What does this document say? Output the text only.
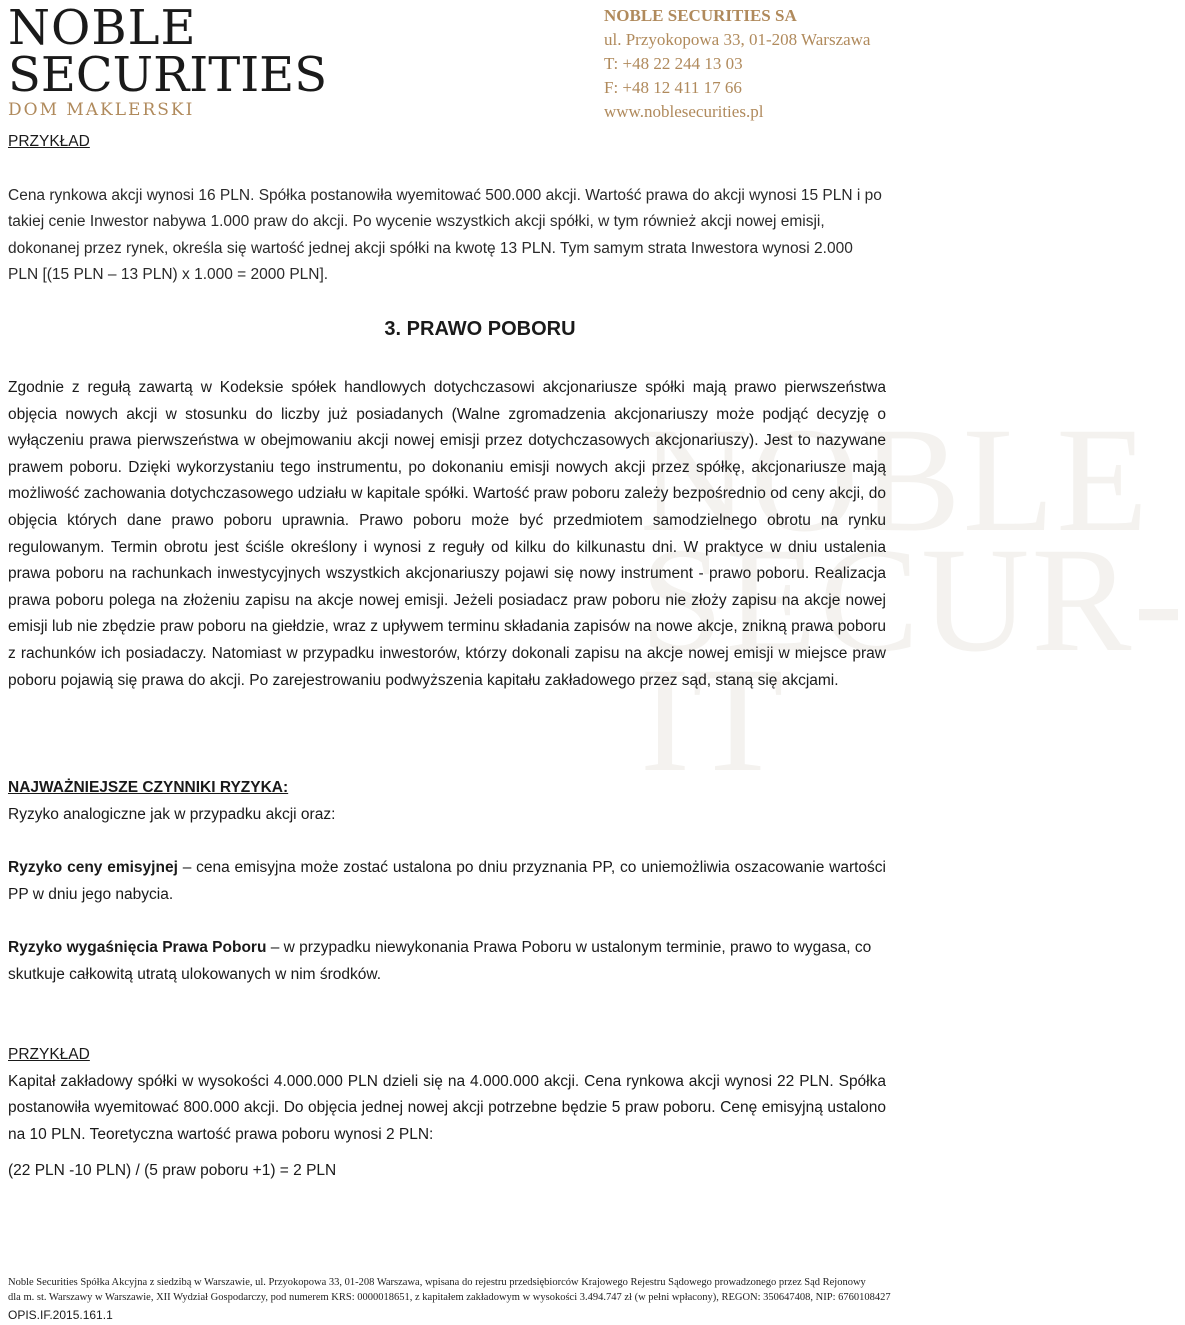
NOBLE
SECUR-
IT
NOBLE
SECURITIES
DOM MAKLERSKI
NOBLE SECURITIES SA
ul. Przyokopowa 33, 01-208 Warszawa
T: +48 22 244 13 03
F: +48 12 411 17 66
www.noblesecurities.pl

PRZYKŁAD

Cena rynkowa akcji wynosi 16 PLN. Spółka postanowiła wyemitować 500.000 akcji. Wartość prawa do akcji wynosi 15 PLN i po takiej cenie Inwestor nabywa 1.000 praw do akcji. Po wycenie wszystkich akcji spółki, w tym również akcji nowej emisji, dokonanej przez rynek, określa się wartość jednej akcji spółki na kwotę 13 PLN. Tym samym strata Inwestora wynosi 2.000 PLN [(15 PLN – 13 PLN) x 1.000 = 2000 PLN].

3. PRAWO POBORU

Zgodnie z regułą zawartą w Kodeksie spółek handlowych dotychczasowi akcjonariusze spółki mają prawo pierwszeństwa objęcia nowych akcji w stosunku do liczby już posiadanych (Walne zgromadzenia akcjonariuszy może podjąć decyzję o wyłączeniu prawa pierwszeństwa w obejmowaniu akcji nowej emisji przez dotychczasowych akcjonariuszy). Jest to nazywane prawem poboru. Dzięki wykorzystaniu tego instrumentu, po dokonaniu emisji nowych akcji przez spółkę, akcjonariusze mają możliwość zachowania dotychczasowego udziału w kapitale spółki. Wartość praw poboru zależy bezpośrednio od ceny akcji, do objęcia których dane prawo poboru uprawnia. Prawo poboru może być przedmiotem samodzielnego obrotu na rynku regulowanym. Termin obrotu jest ściśle określony i wynosi z reguły od kilku do kilkunastu dni. W praktyce w dniu ustalenia prawa poboru na rachunkach inwestycyjnych wszystkich akcjonariuszy pojawi się nowy instrument - prawo poboru. Realizacja prawa poboru polega na złożeniu zapisu na akcje nowej emisji. Jeżeli posiadacz praw poboru nie złoży zapisu na akcje nowej emisji lub nie zbędzie praw poboru na giełdzie, wraz z upływem terminu składania zapisów na nowe akcje, znikną prawa poboru z rachunków ich posiadaczy. Natomiast w przypadku inwestorów, którzy dokonali zapisu na akcje nowej emisji w miejsce praw poboru pojawią się prawa do akcji. Po zarejestrowaniu podwyższenia kapitału zakładowego przez sąd, staną się akcjami.

NAJWAŻNIEJSZE CZYNNIKI RYZYKA:

Ryzyko analogiczne jak w przypadku akcji oraz:

Ryzyko ceny emisyjnej – cena emisyjna może zostać ustalona po dniu przyznania PP, co uniemożliwia oszacowanie wartości PP w dniu jego nabycia.

Ryzyko wygaśnięcia Prawa Poboru – w przypadku niewykonania Prawa Poboru w ustalonym terminie, prawo to wygasa, co skutkuje całkowitą utratą ulokowanych w nim środków.

PRZYKŁAD

Kapitał zakładowy spółki w wysokości 4.000.000 PLN dzieli się na 4.000.000 akcji. Cena rynkowa akcji wynosi 22 PLN. Spółka postanowiła wyemitować 800.000 akcji. Do objęcia jednej nowej akcji potrzebne będzie 5 praw poboru. Cenę emisyjną ustalono na 10 PLN. Teoretyczna wartość prawa poboru wynosi 2 PLN:

(22 PLN -10 PLN) / (5 praw poboru +1) = 2 PLN

Noble Securities Spółka Akcyjna z siedzibą w Warszawie, ul. Przyokopowa 33, 01-208 Warszawa, wpisana do rejestru przedsiębiorców Krajowego Rejestru Sądowego prowadzonego przez Sąd Rejonowy
dla m. st. Warszawy w Warszawie, XII Wydział Gospodarczy, pod numerem KRS: 0000018651, z kapitałem zakładowym w wysokości 3.494.747 zł (w pełni wpłacony), REGON: 350647408, NIP: 6760108427
OPIS.IF.2015.161.1
